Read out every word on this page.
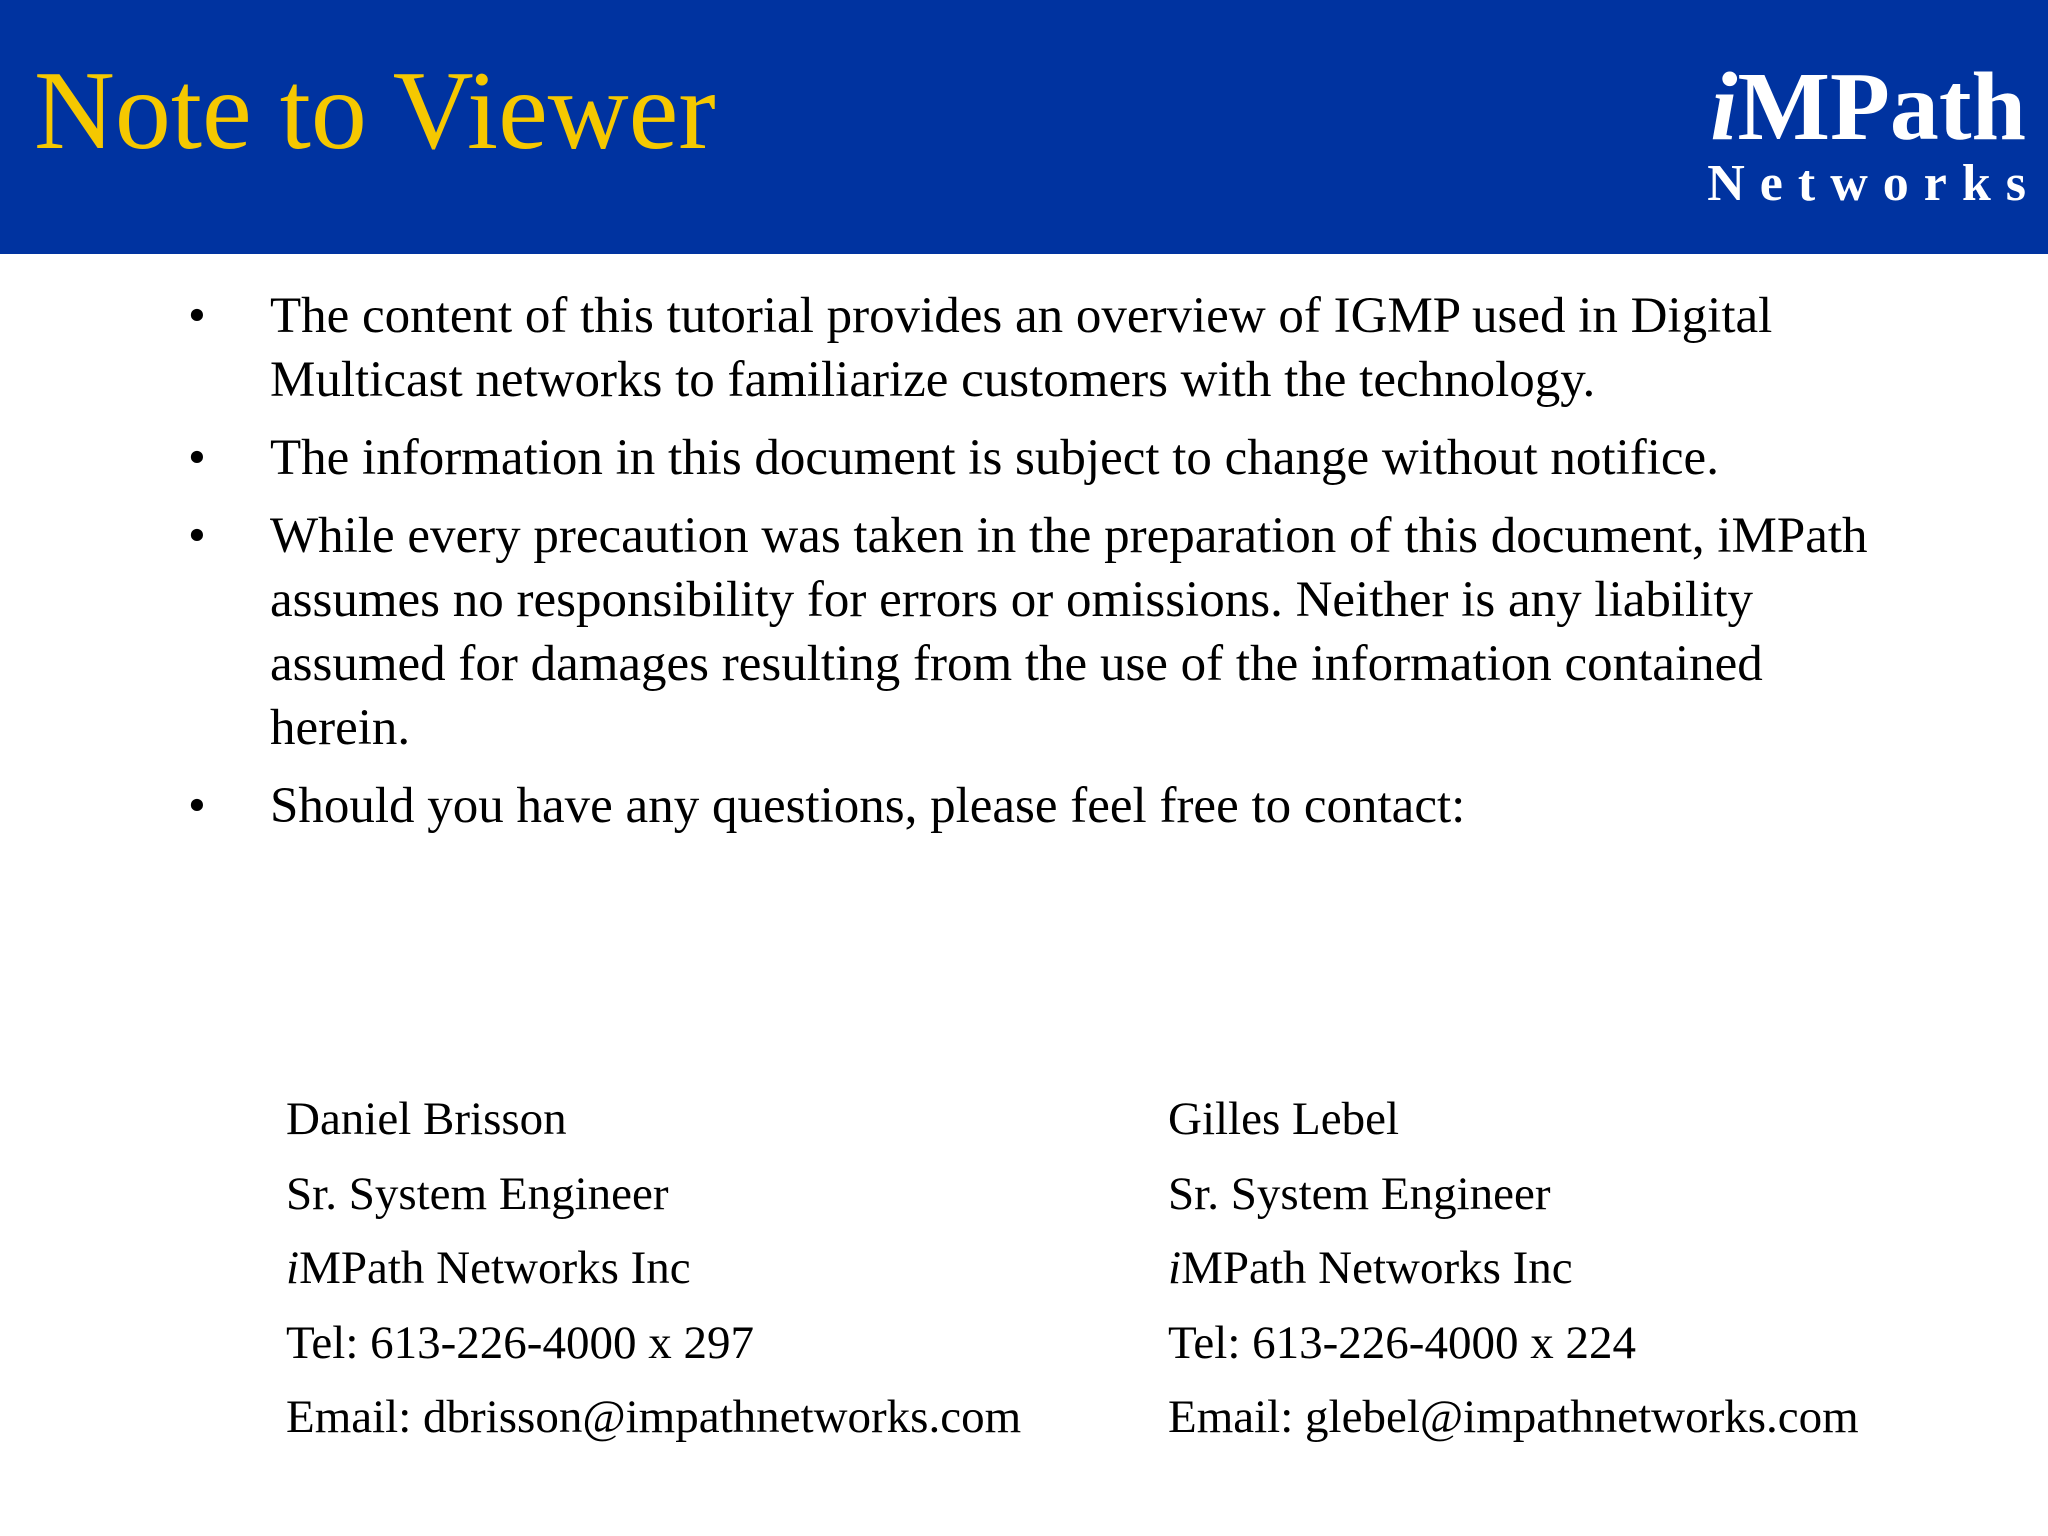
Note to Viewer	iMPath
Networks
•	The content of this tutorial provides an overview of IGMP used in Digital Multicast networks to familiarize customers with the technology.
•	The information in this document is subject to change without notifice.
•	While every precaution was taken in the preparation of this document, iMPath assumes no responsibility for errors or omissions. Neither is any liability assumed for damages resulting from the use of the information contained herein.
•	Should you have any questions, please feel free to contact:
Daniel Brisson
Sr. System Engineer
iMPath Networks Inc
Tel: 613-226-4000 x 297
Email: dbrisson@impathnetworks.com
Gilles Lebel
Sr. System Engineer
iMPath Networks Inc
Tel: 613-226-4000 x 224
Email: glebel@impathnetworks.com
